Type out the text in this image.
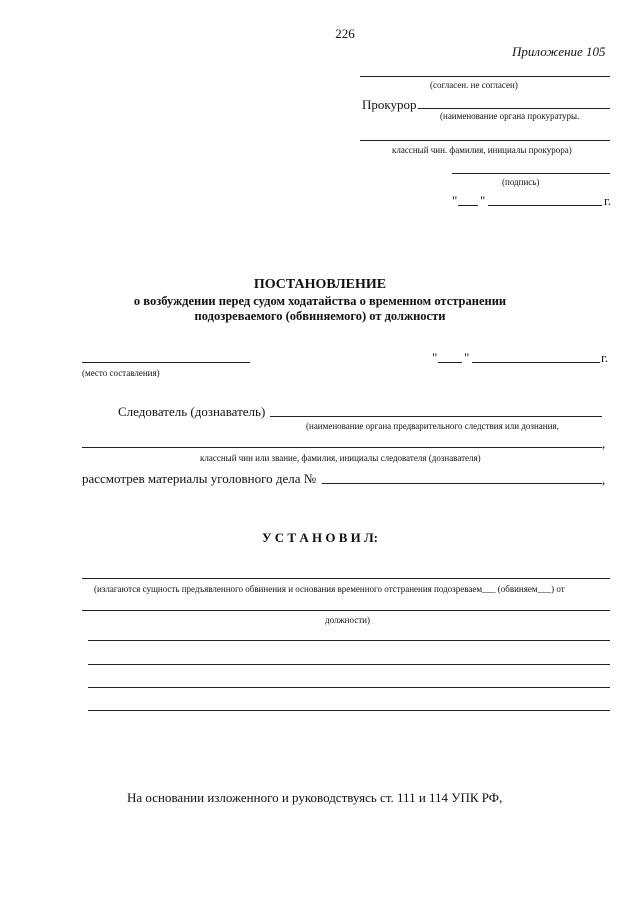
226
Приложение 105
(согласен. не согласен)
Прокурор
(наименование органа прокуратуры.
классный чин. фамилия, инициалы прокурора)
(подпись)
" "	г.
ПОСТАНОВЛЕНИЕ
о возбуждении перед судом ходатайства о временном отстранении
подозреваемого (обвиняемого) от должности
(место составления)
" "	г.
Следователь (дознаватель)
(наименование органа предварительного следствия или дознания,
,
классный чин или звание, фамилия, инициалы следователя (дознавателя)
рассмотрев материалы уголовного дела №	,
У С Т А Н О В И Л:
(излагаются сущность предъявленного обвинения и основания временного отстранения подозреваем___ (обвиняем___) от
должности)
На основании изложенного и руководствуясь ст. 111 и 114 УПК РФ,
